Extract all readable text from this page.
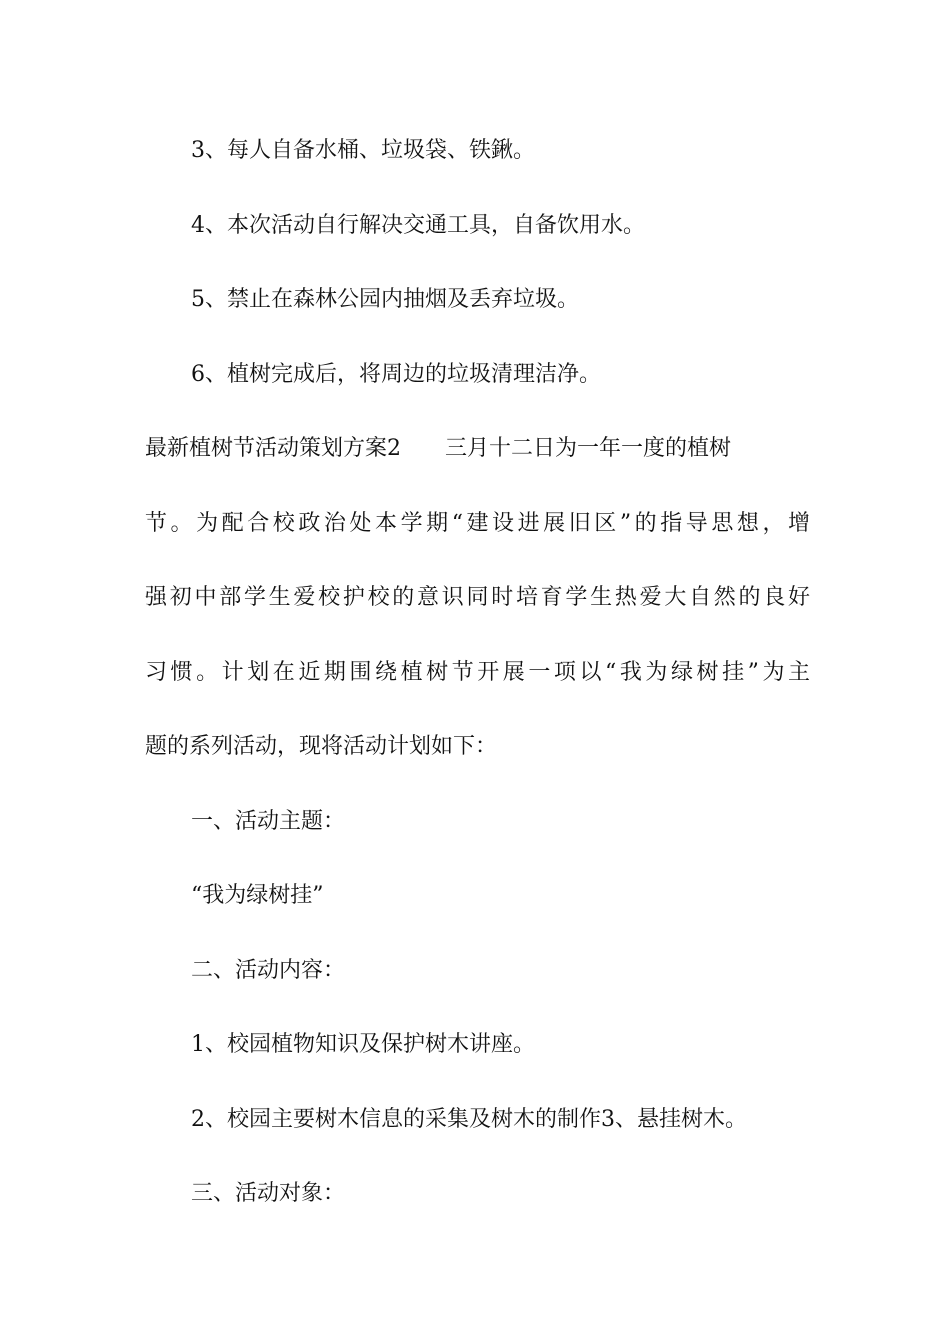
3、每人自备水桶、垃圾袋、铁鍬。
4、本次活动自行解决交通工具，自备饮用水。
5、禁止在森林公园内抽烟及丢弃垃圾。
6、植树完成后，将周边的垃圾清理洁净。
最新植树节活动策划方案2 三月十二日为一年一度的植树
节。为配合校政治处本学期“建设进展旧区”的指导思想，增
强初中部学生爱校护校的意识同时培育学生热爱大自然的良好
习惯。计划在近期围绕植树节开展一项以“我为绿树挂”为主
题的系列活动，现将活动计划如下：
一、活动主题：
“我为绿树挂”
二、活动内容：
1、校园植物知识及保护树木讲座。
2、校园主要树木信息的采集及树木的制作3、悬挂树木。
三、活动对象：
